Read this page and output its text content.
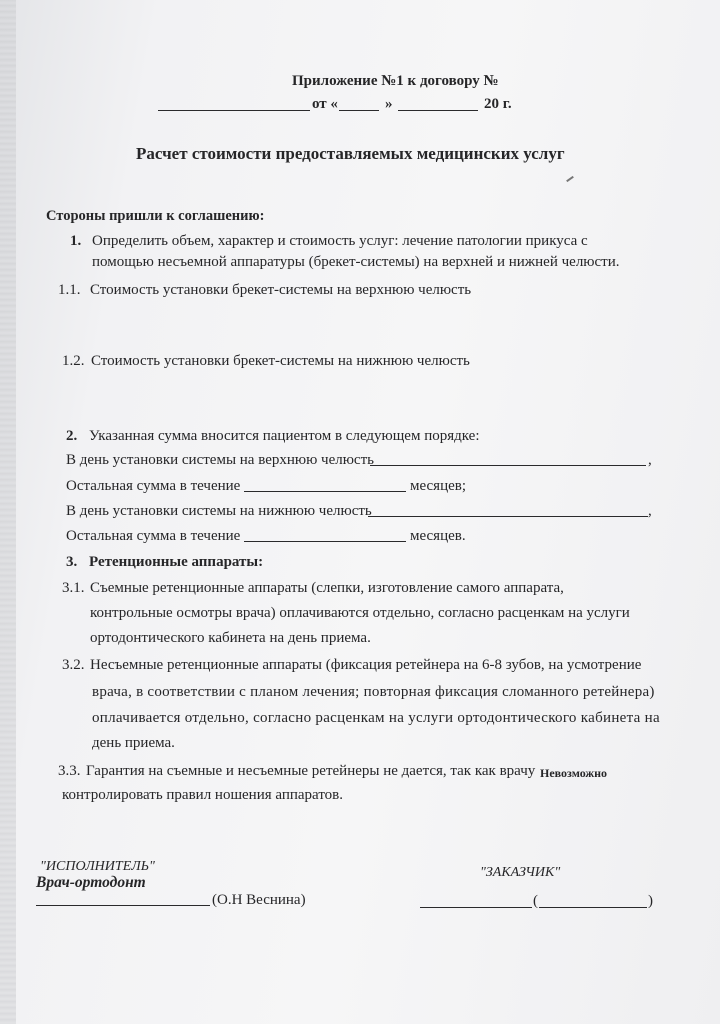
Приложение №1 к договору №
от «	»	20 г.
Расчет стоимости предоставляемых медицинских услуг
Стороны пришли к соглашению:
1. Определить объем, характер и стоимость услуг: лечение патологии прикуса с
помощью несъемной аппаратуры (брекет-системы) на верхней и нижней челюсти.
1.1. Стоимость установки брекет-системы на верхнюю челюсть
1.2. Стоимость установки брекет-системы на нижнюю челюсть
2. Указанная сумма вносится пациентом в следующем порядке:
В день установки системы на верхнюю челюсть	,
Остальная сумма в течение	месяцев;
В день установки системы на нижнюю челюсть	,
Остальная сумма в течение	месяцев.
3. Ретенционные аппараты:
3.1. Съемные ретенционные аппараты (слепки, изготовление самого аппарата,
контрольные осмотры врача) оплачиваются отдельно, согласно расценкам на услуги
ортодонтического кабинета на день приема.
3.2. Несъемные ретенционные аппараты (фиксация ретейнера на 6-8 зубов, на усмотрение
врача, в соответствии с планом лечения; повторная фиксация сломанного ретейнера)
оплачивается отдельно, согласно расценкам на услуги ортодонтического кабинета на
день приема.
3.3. Гарантия на съемные и несъемные ретейнеры не дается, так как врачу Невозможно
контролировать правил ношения аппаратов.
"ИСПОЛНИТЕЛЬ"
Врач-ортодонт
(О.Н Веснина)
"ЗАКАЗЧИК"
(	)
